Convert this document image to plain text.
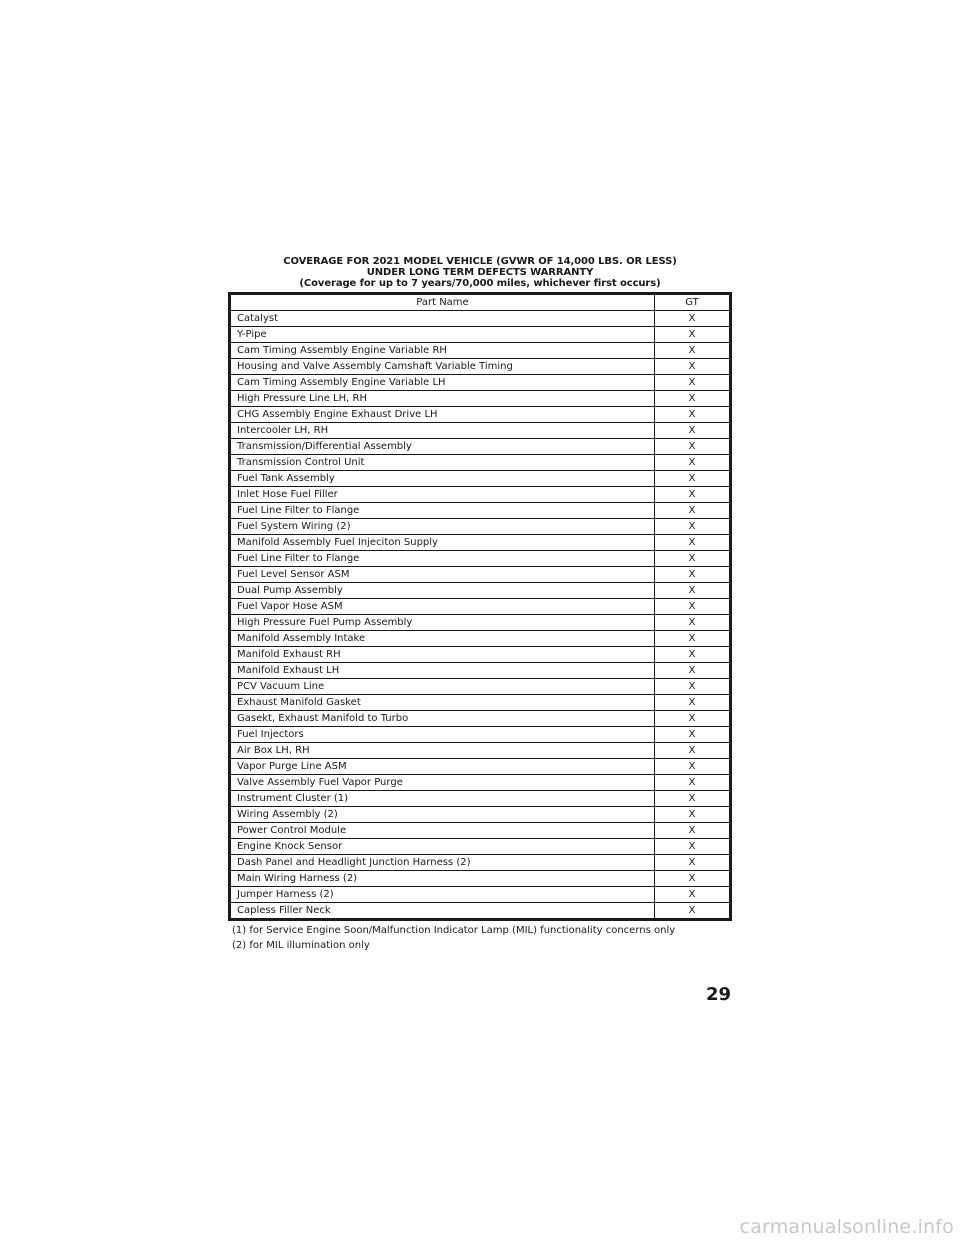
COVERAGE FOR 2021 MODEL VEHICLE (GVWR OF 14,000 LBS. OR LESS)
UNDER LONG TERM DEFECTS WARRANTY
(Coverage for up to 7 years/70,000 miles, whichever first occurs)
Part Name	GT
Catalyst	X
Y-Pipe	X
Cam Timing Assembly Engine Variable RH	X
Housing and Valve Assembly Camshaft Variable Timing	X
Cam Timing Assembly Engine Variable LH	X
High Pressure Line LH, RH	X
CHG Assembly Engine Exhaust Drive LH	X
Intercooler LH, RH	X
Transmission/Differential Assembly	X
Transmission Control Unit	X
Fuel Tank Assembly	X
Inlet Hose Fuel Filler	X
Fuel Line Filter to Flange	X
Fuel System Wiring (2)	X
Manifold Assembly Fuel Injeciton Supply	X
Fuel Line Filter to Flange	X
Fuel Level Sensor ASM	X
Dual Pump Assembly	X
Fuel Vapor Hose ASM	X
High Pressure Fuel Pump Assembly	X
Manifold Assembly Intake	X
Manifold Exhaust RH	X
Manifold Exhaust LH	X
PCV Vacuum Line	X
Exhaust Manifold Gasket	X
Gasekt, Exhaust Manifold to Turbo	X
Fuel Injectors	X
Air Box LH, RH	X
Vapor Purge Line ASM	X
Valve Assembly Fuel Vapor Purge	X
Instrument Cluster (1)	X
Wiring Assembly (2)	X
Power Control Module	X
Engine Knock Sensor	X
Dash Panel and Headlight Junction Harness (2)	X
Main Wiring Harness (2)	X
Jumper Harness (2)	X
Capless Filler Neck	X
(1) for Service Engine Soon/Malfunction Indicator Lamp (MIL) functionality concerns only
(2) for MIL illumination only
29
carmanualsonline.info
